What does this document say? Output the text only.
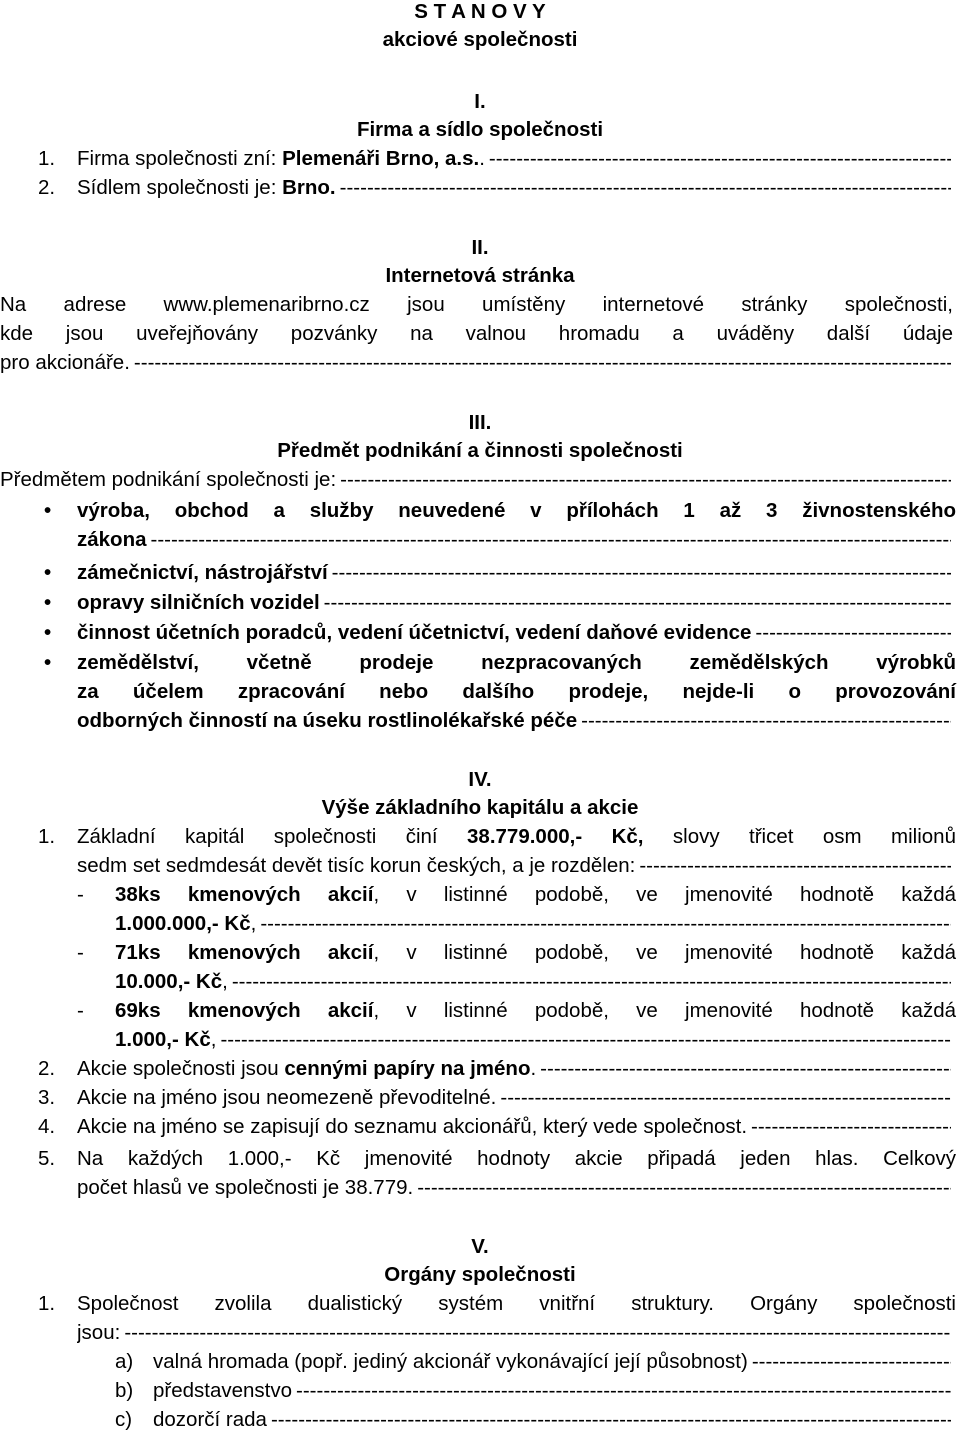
S T A N O V Y
akciové společnosti
I.
Firma a sídlo společnosti
1. Firma společnosti zní: Plemenáři Brno, a.s..
-----
2. Sídlem společnosti je: Brno.
-----
II.
Internetová stránka
Na adrese www.plemenaribrno.cz jsou umístěny internetové stránky společnosti,
kde jsou uveřejňovány pozvánky na valnou hromadu a uváděny další údaje
pro akcionáře.
-----
III.
Předmět podnikání a činnosti společnosti
Předmětem podnikání společnosti je:
-----
• výroba, obchod a služby neuvedené v přílohách 1 až 3 živnostenského
zákona
-----
• zámečnictví, nástrojářství
-----
• opravy silničních vozidel
-----
• činnost účetních poradců, vedení účetnictví, vedení daňové evidence
-----
• zemědělství, včetně prodeje nezpracovaných zemědělských výrobků
za účelem zpracování nebo dalšího prodeje, nejde-li o provozování
odborných činností na úseku rostlinolékařské péče
-----
IV.
Výše základního kapitálu a akcie
1. Základní kapitál společnosti činí 38.779.000,- Kč, slovy třicet osm milionů
sedm set sedmdesát devět tisíc korun českých, a je rozdělen:
-----
- 38ks kmenových akcií, v listinné podobě, ve jmenovité hodnotě každá
1.000.000,- Kč,
-----
- 71ks kmenových akcií, v listinné podobě, ve jmenovité hodnotě každá
10.000,- Kč,
-----
- 69ks kmenových akcií, v listinné podobě, ve jmenovité hodnotě každá
1.000,- Kč,
-----
2. Akcie společnosti jsou cennými papíry na jméno.
-----
3. Akcie na jméno jsou neomezeně převoditelné.
-----
4. Akcie na jméno se zapisují do seznamu akcionářů, který vede společnost.
-----
5. Na každých 1.000,- Kč jmenovité hodnoty akcie připadá jeden hlas. Celkový
počet hlasů ve společnosti je 38.779.
-----
V.
Orgány společnosti
1. Společnost zvolila dualistický systém vnitřní struktury. Orgány společnosti
jsou:
-----
a) valná hromada (popř. jediný akcionář vykonávající její působnost)
-----
b) představenstvo
-----
c) dozorčí rada
-----
